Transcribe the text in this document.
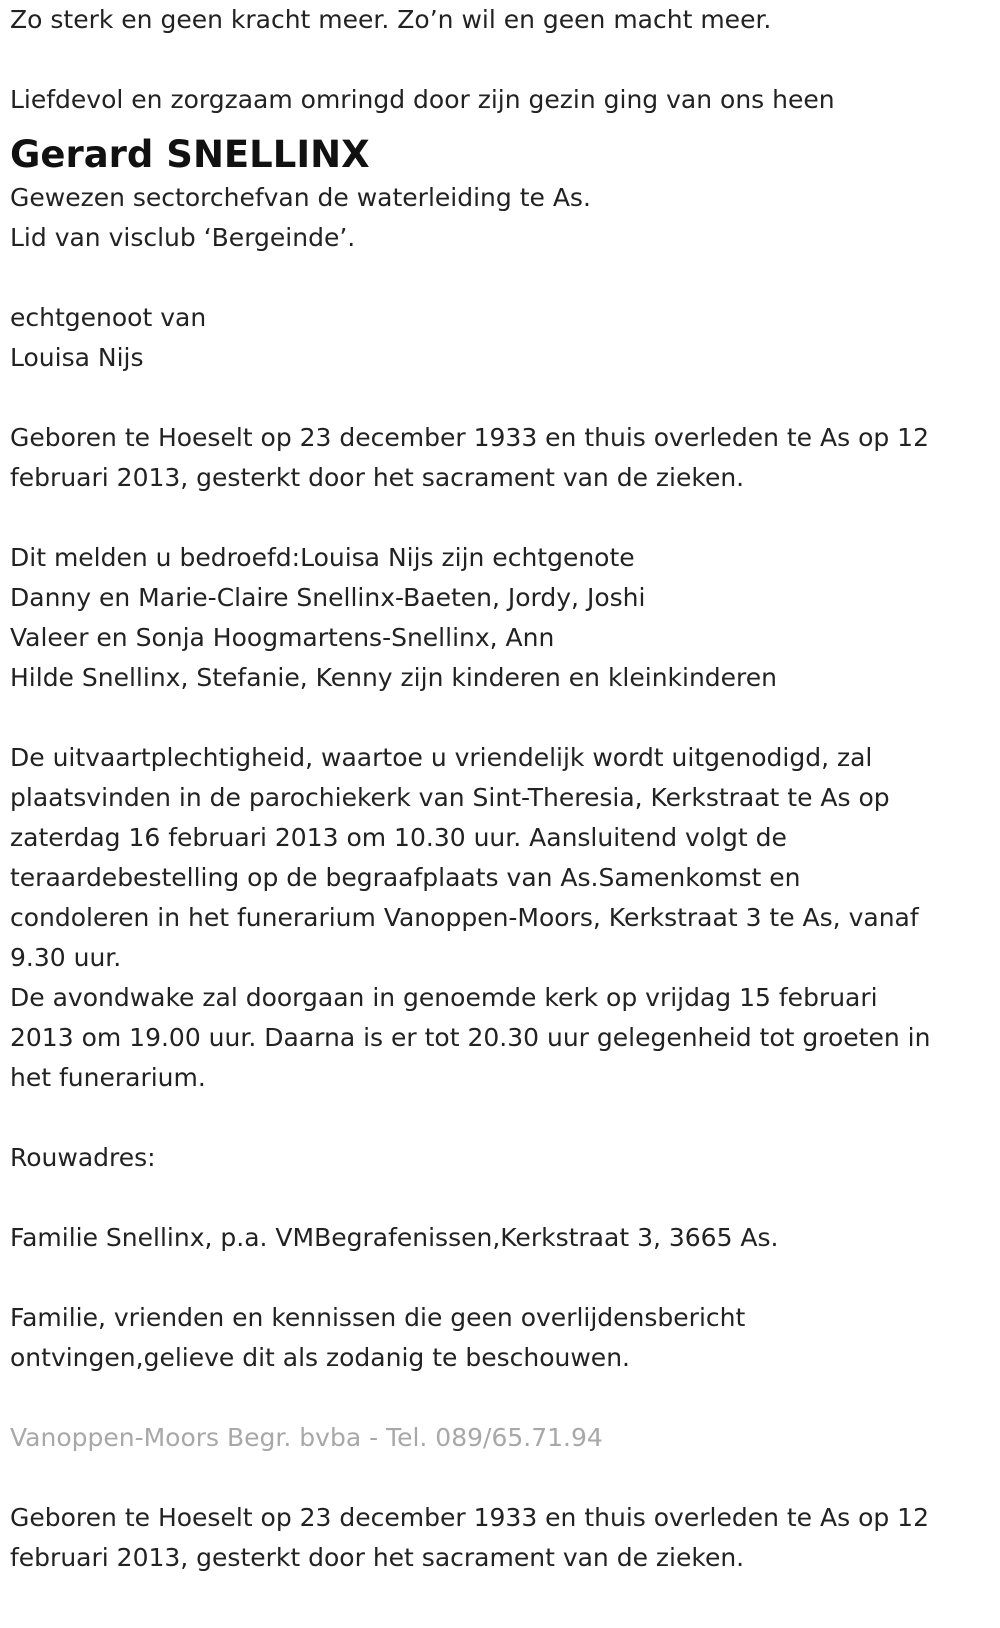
Zo sterk en geen kracht meer. Zo’n wil en geen macht meer.

Liefdevol en zorgzaam omringd door zijn gezin ging van ons heen

Gerard SNELLINX

Gewezen sectorchefvan de waterleiding te As.

Lid van visclub ‘Bergeinde’.

echtgenoot van

Louisa Nijs

Geboren te Hoeselt op 23 december 1933 en thuis overleden te As op 12

februari 2013, gesterkt door het sacrament van de zieken.

Dit melden u bedroefd:Louisa Nijs zijn echtgenote

Danny en Marie-Claire Snellinx-Baeten, Jordy, Joshi

Valeer en Sonja Hoogmartens-Snellinx, Ann

Hilde Snellinx, Stefanie, Kenny zijn kinderen en kleinkinderen

De uitvaartplechtigheid, waartoe u vriendelijk wordt uitgenodigd, zal

plaatsvinden in de parochiekerk van Sint-Theresia, Kerkstraat te As op

zaterdag 16 februari 2013 om 10.30 uur. Aansluitend volgt de

teraardebestelling op de begraafplaats van As.Samenkomst en

condoleren in het funerarium Vanoppen-Moors, Kerkstraat 3 te As, vanaf

9.30 uur.

De avondwake zal doorgaan in genoemde kerk op vrijdag 15 februari

2013 om 19.00 uur. Daarna is er tot 20.30 uur gelegenheid tot groeten in

het funerarium.

Rouwadres:

Familie Snellinx, p.a. VMBegrafenissen,Kerkstraat 3, 3665 As.

Familie, vrienden en kennissen die geen overlijdensbericht

ontvingen,gelieve dit als zodanig te beschouwen.

Vanoppen-Moors Begr. bvba - Tel. 089/65.71.94

Geboren te Hoeselt op 23 december 1933 en thuis overleden te As op 12

februari 2013, gesterkt door het sacrament van de zieken.
